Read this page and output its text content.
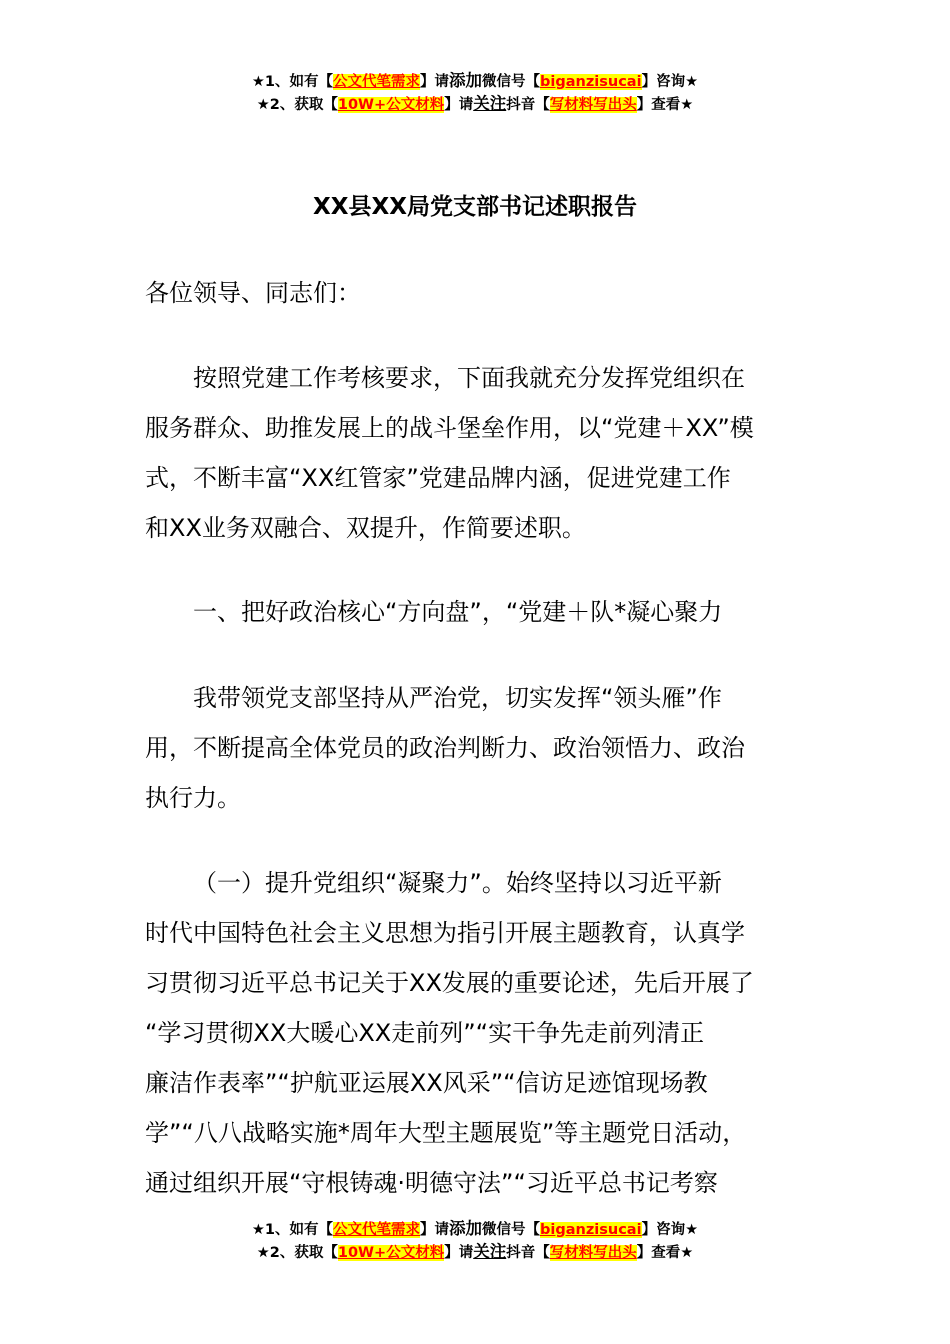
★1、如有【公文代笔需求】请添加微信号【biganzisucai】咨询★
★2、获取【10W+公文材料】请关注抖音【写材料写出头】查看★
XX县XX局党支部书记述职报告

各位领导、同志们：

按照党建工作考核要求，下面我就充分发挥党组织在

服务群众、助推发展上的战斗堡垒作用，以“党建＋XX”模

式，不断丰富“XX红管家”党建品牌内涵，促进党建工作

和XX业务双融合、双提升，作简要述职。

一、把好政治核心“方向盘”，“党建＋队*凝心聚力

我带领党支部坚持从严治党，切实发挥“领头雁”作

用，不断提高全体党员的政治判断力、政治领悟力、政治

执行力。

（一）提升党组织“凝聚力”。始终坚持以习近平新

时代中国特色社会主义思想为指引开展主题教育，认真学

习贯彻习近平总书记关于XX发展的重要论述，先后开展了

“学习贯彻XX大暖心XX走前列”“实干争先走前列清正

廉洁作表率”“护航亚运展XX风采”“信访足迹馆现场教

学”“八八战略实施*周年大型主题展览”等主题党日活动，

通过组织开展“守根铸魂·明德守法”“习近平总书记考察

★1、如有【公文代笔需求】请添加微信号【biganzisucai】咨询★
★2、获取【10W+公文材料】请关注抖音【写材料写出头】查看★
